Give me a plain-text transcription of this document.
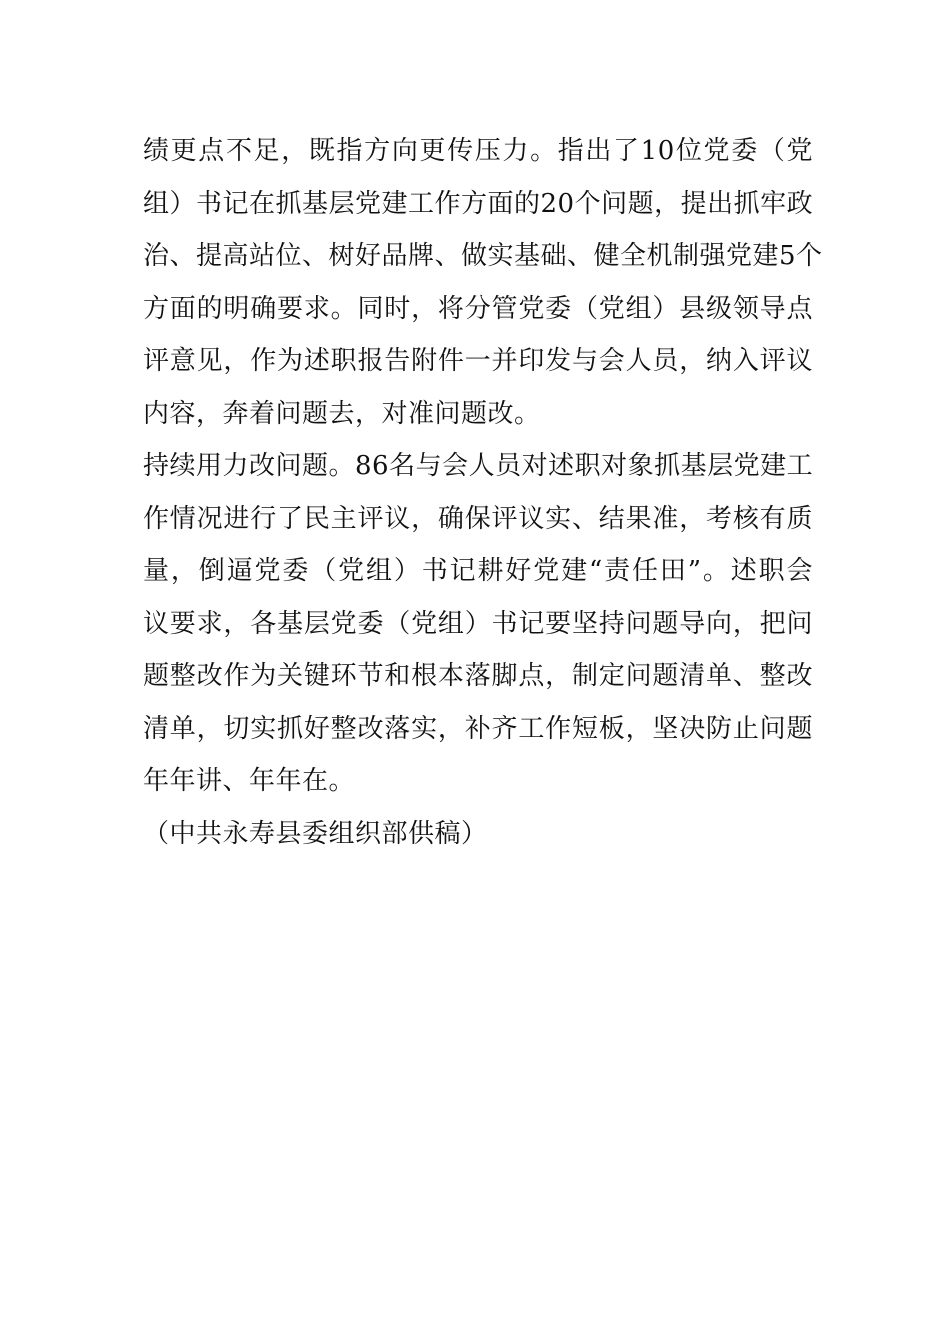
绩更点不足，既指方向更传压力。指出了10位党委（党
组）书记在抓基层党建工作方面的20个问题，提出抓牢政
治、提高站位、树好品牌、做实基础、健全机制强党建5个
方面的明确要求。同时，将分管党委（党组）县级领导点
评意见，作为述职报告附件一并印发与会人员，纳入评议
内容，奔着问题去，对准问题改。
持续用力改问题。86名与会人员对述职对象抓基层党建工
作情况进行了民主评议，确保评议实、结果准，考核有质
量，倒逼党委（党组）书记耕好党建“责任田”。述职会
议要求，各基层党委（党组）书记要坚持问题导向，把问
题整改作为关键环节和根本落脚点，制定问题清单、整改
清单，切实抓好整改落实，补齐工作短板，坚决防止问题
年年讲、年年在。
（中共永寿县委组织部供稿）
